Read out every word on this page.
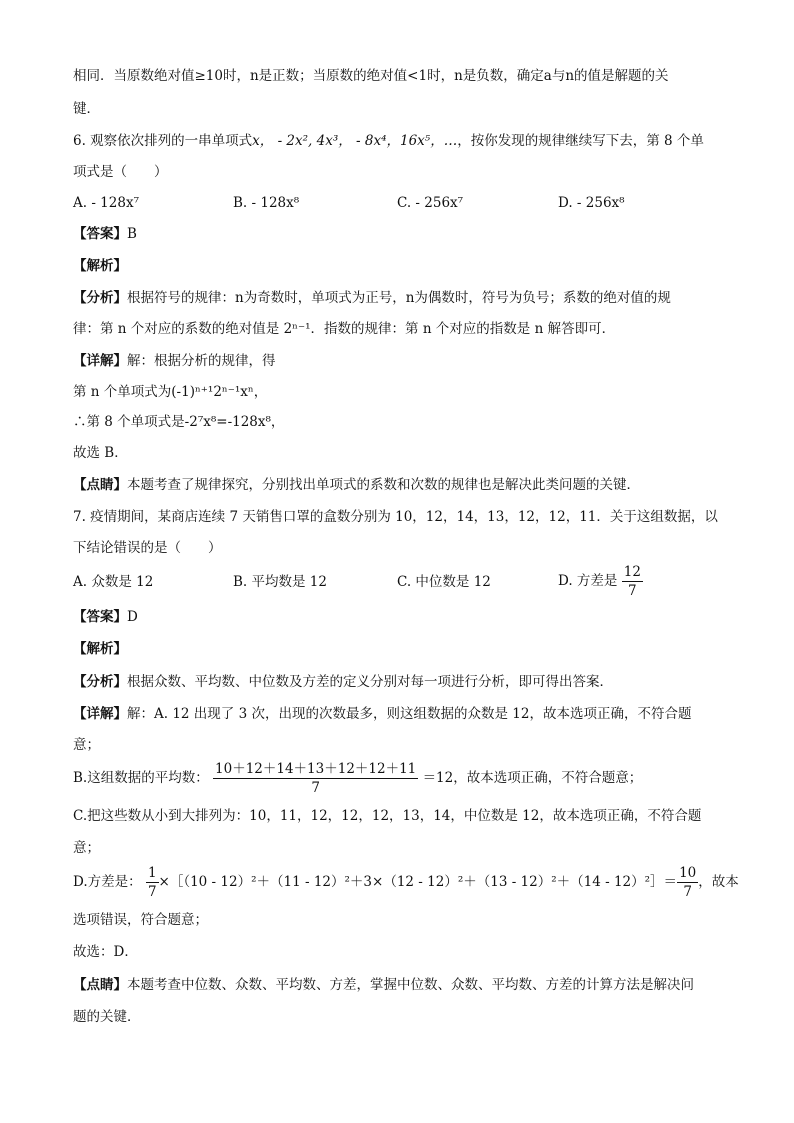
相同．当原数绝对值≥10时，n是正数；当原数的绝对值<1时，n是负数，确定a与n的值是解题的关
键．
6. 观察依次排列的一串单项式x， - 2x², 4x³， - 8x⁴，16x⁵，…，按你发现的规律继续写下去，第 8 个单
项式是（　　）
A. - 128x⁷	B. - 128x⁸	C. - 256x⁷	D. - 256x⁸
【答案】B
【解析】
【分析】根据符号的规律：n为奇数时，单项式为正号，n为偶数时，符号为负号；系数的绝对值的规
律：第 n 个对应的系数的绝对值是 2ⁿ⁻¹．指数的规律：第 n 个对应的指数是 n 解答即可．
【详解】解：根据分析的规律，得
第 n 个单项式为(-1)ⁿ⁺¹2ⁿ⁻¹xⁿ，
∴第 8 个单项式是-2⁷x⁸=-128x⁸，
故选 B．
【点睛】本题考查了规律探究，分别找出单项式的系数和次数的规律也是解决此类问题的关键．
7. 疫情期间，某商店连续 7 天销售口罩的盒数分别为 10，12，14，13，12，12，11．关于这组数据，以
下结论错误的是（　　）
A. 众数是 12	B. 平均数是 12	C. 中位数是 12	D. 方差是 $\frac{12}{7}$
【答案】D
【解析】
【分析】根据众数、平均数、中位数及方差的定义分别对每一项进行分析，即可得出答案．
【详解】解：A. 12 出现了 3 次，出现的次数最多，则这组数据的众数是 12，故本选项正确，不符合题
意；
B.这组数据的平均数： $\frac{10+12+14+13+12+12+11}{7} =12$，故本选项正确，不符合题意；
C.把这些数从小到大排列为：10，11，12，12，12，13，14，中位数是 12，故本选项正确，不符合题
意；
D.方差是： $\frac{1}{7}$ ×［（10 - 12）²＋（11 - 12）²＋3×（12 - 12）²＋（13 - 12）²＋（14 - 12）²］＝ $\frac{10}{7}$ ，故本
选项错误，符合题意；
故选：D．
【点睛】本题考查中位数、众数、平均数、方差，掌握中位数、众数、平均数、方差的计算方法是解决问
题的关键．
